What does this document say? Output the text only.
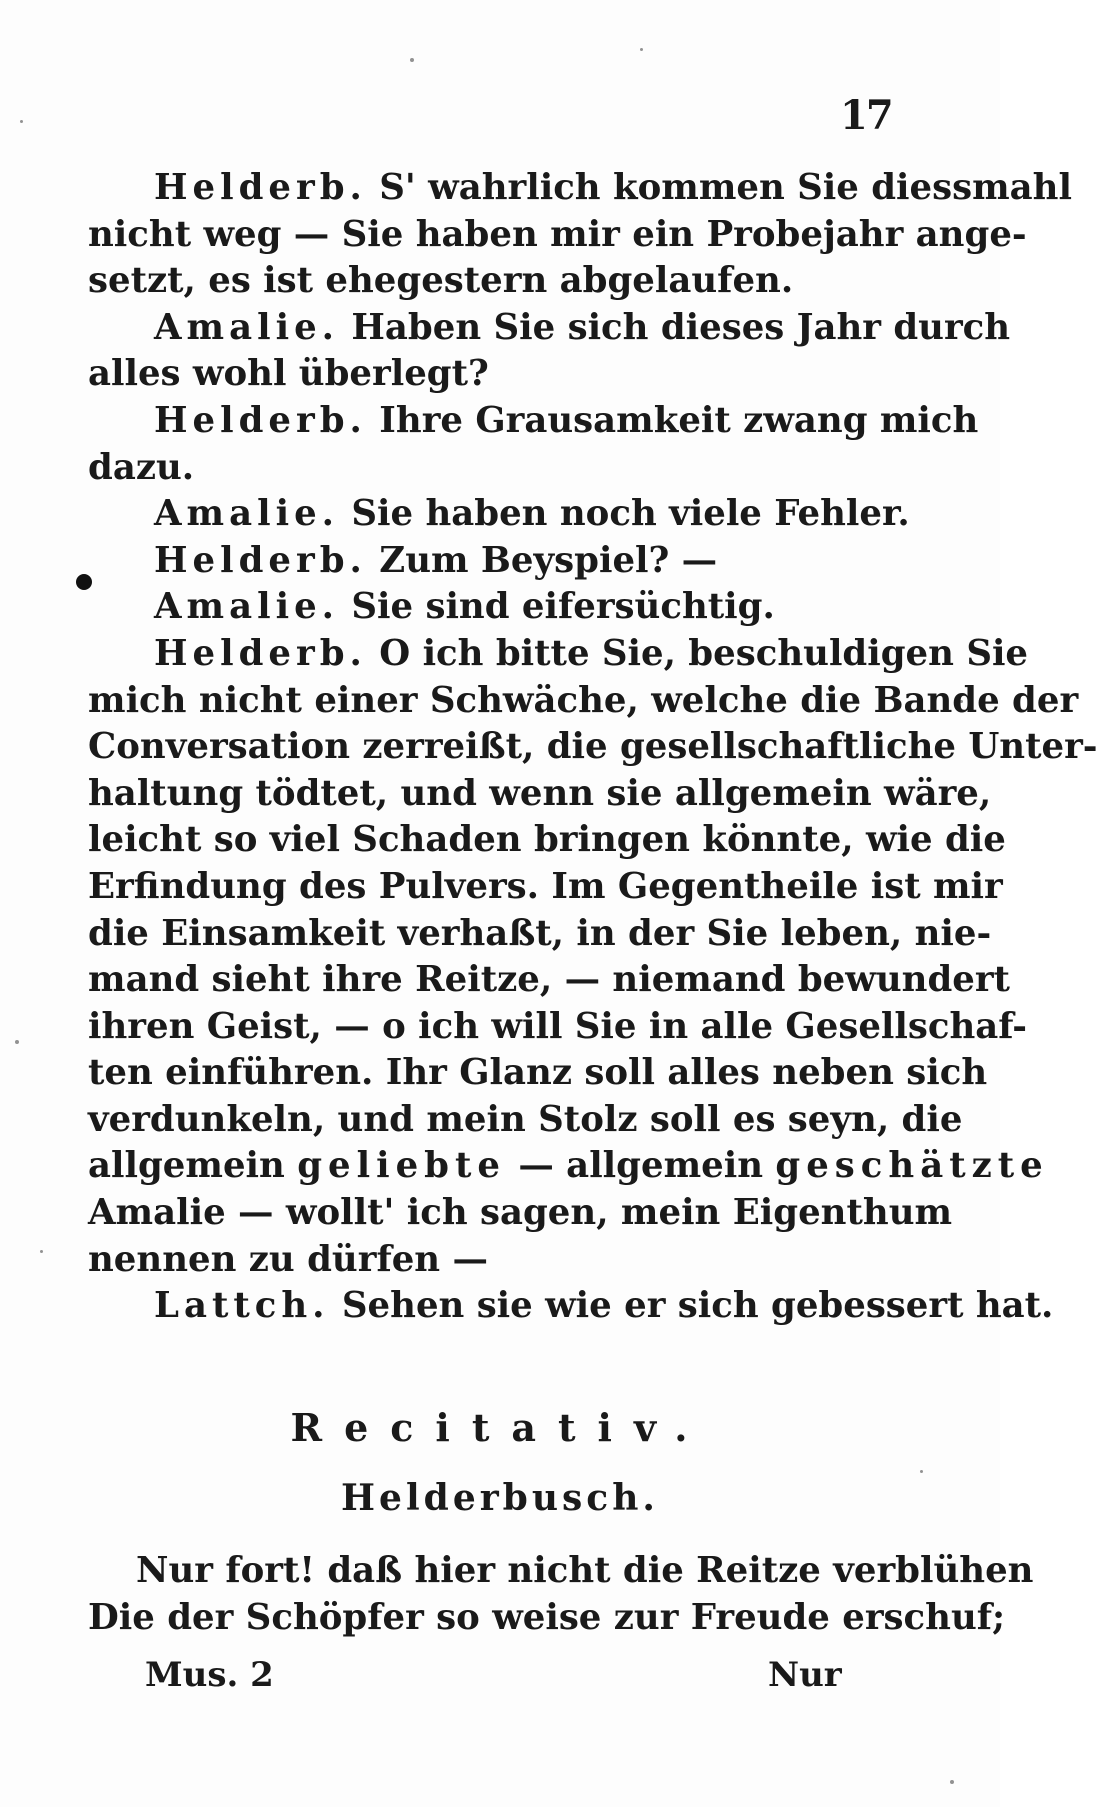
17
Helderb. S' wahrlich kommen Sie diessmahl
nicht weg — Sie haben mir ein Probejahr ange-
setzt, es ist ehegestern abgelaufen.
Amalie. Haben Sie sich dieses Jahr durch
alles wohl überlegt?
Helderb. Ihre Grausamkeit zwang mich
dazu.
Amalie. Sie haben noch viele Fehler.
Helderb. Zum Beyspiel? —
Amalie. Sie sind eifersüchtig.
Helderb. O ich bitte Sie, beschuldigen Sie
mich nicht einer Schwäche, welche die Bande der
Conversation zerreißt, die gesellschaftliche Unter-
haltung tödtet, und wenn sie allgemein wäre,
leicht so viel Schaden bringen könnte, wie die
Erfindung des Pulvers. Im Gegentheile ist mir
die Einsamkeit verhaßt, in der Sie leben, nie-
mand sieht ihre Reitze, — niemand bewundert
ihren Geist, — o ich will Sie in alle Gesellschaf-
ten einführen. Ihr Glanz soll alles neben sich
verdunkeln, und mein Stolz soll es seyn, die
allgemein geliebte — allgemein geschätzte
Amalie — wollt' ich sagen, mein Eigenthum
nennen zu dürfen —
Lattch. Sehen sie wie er sich gebessert hat.
Recitativ.
Helderbusch.
Nur fort! daß hier nicht die Reitze verblühen
Die der Schöpfer so weise zur Freude erschuf;
Mus. 2	Nur
